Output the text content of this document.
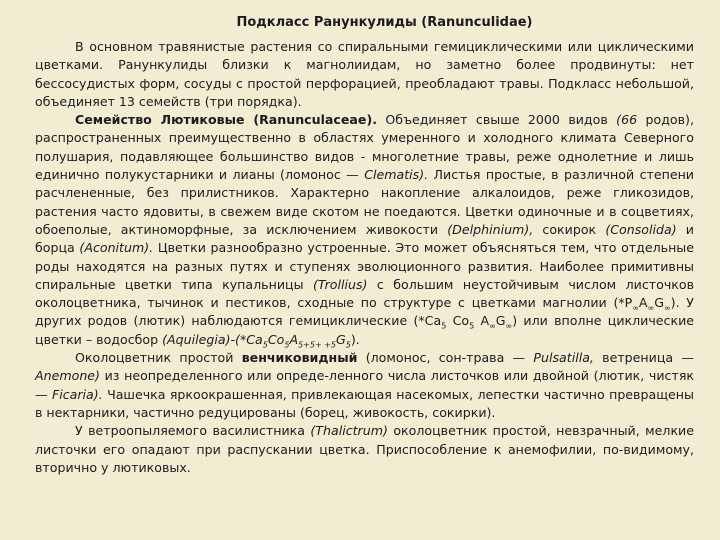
Подкласс Ранункулиды (Ranunculidae)

В основном травянистые растения со спиральными гемициклическими или циклическими цветками. Ранункулиды близки к магнолиидам, но заметно более продвинуты: нет бессосудистых форм, сосуды с простой перфорацией, преобладают травы. Подкласс небольшой, объединяет 13 семейств (три порядка).

Семейство Лютиковые (Ranunculaceae). Объединяет свыше 2000 видов (66 родов), распространенных преимущественно в областях умеренного и холодного климата Северного полушария, подавляющее большинство видов - многолетние травы, реже однолетние и лишь единично полукустарники и лианы (ломонос — Clematis). Листья простые, в различной степени расчлененные, без прилистников. Характерно накопление алкалоидов, реже гликозидов, растения часто ядовиты, в свежем виде скотом не поедаются. Цветки одиночные и в соцветиях, обоеполые, актиноморфные, за исключением живокости (Delphinium), сокирок (Consolida) и борца (Aconitum). Цветки разнообразно устроенные. Это может объясняться тем, что отдельные роды находятся на разных путях и ступенях эволюционного развития. Наиболее примитивны спиральные цветки типа купальницы (Trollius) с большим неустойчивым числом листочков околоцветника, тычинок и пестиков, сходные по структуре с цветками магнолии $(*P_\infty A_\infty G_\infty)$. У других родов (лютик) наблюдаются гемициклические ($*Ca_5$ $Co_5$ $A_\infty G_\infty$) или вполне циклические цветки – водосбор $(Aquilegia)-(*Ca_5Co_5A_{5+5+ +5}G_5)$.

Околоцветник простой венчиковидный (ломонос, сон-трава — Pulsatilla, ветреница — Anemone) из неопределенного или опреде-ленного числа листочков или двойной (лютик, чистяк — Ficaria). Чашечка яркоокрашенная, привлекающая насекомых, лепестки частично превращены в нектарники, частично редуцированы (борец, живокость, сокирки).

У ветроопыляемого василистника (Thalictrum) околоцветник простой, невзрачный, мелкие листочки его опадают при распускании цветка. Приспособление к анемофилии, по-видимому, вторично у лютиковых.
